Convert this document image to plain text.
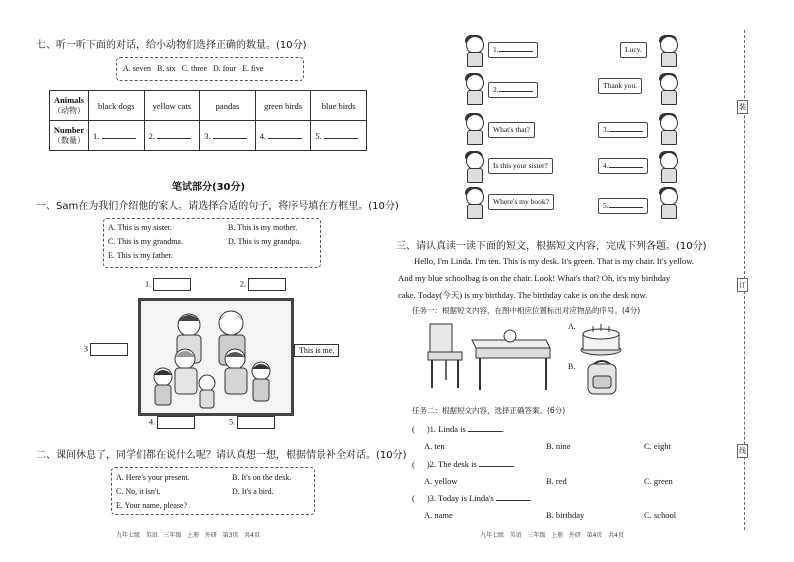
七、听一听下面的对话，给小动物们选择正确的数量。(10分)
A. seven   B. six   C. three   D. four   E. five
Animals
（动物）	black dogs	yellow cats	pandas	green birds	blue birds

Number
（数量）	1.	2.	3.	4.	5.
笔试部分(30分)
一、Sam在为我们介绍他的家人。请选择合适的句子，将序号填在方框里。(10分)
A. This is my sister.	B. This is my mother.
C. This is my grandma.	D. This is my grandpa.
E. This is my father.
1.	2.
3
4.	5.
This is me.
二、课间休息了，同学们都在说什么呢？请认真想一想，根据情景补全对话。(10分)
A. Here's your present.	B. It's on the desk.
C. No, it isn't.	D. It's a bird.
E. Your name, please?
九年七级   英语   三年级   上册   外研   第3页   共4页
1.	Lucy.
2.	Thank you.
What's that?	3.
Is this your sister?	4.
Where's my book?	5.
三、请认真读一读下面的短文，根据短文内容，完成下列各题。(10分)
Hello, I'm Linda. I'm ten. This is my desk. It's green. That is my chair. It's yellow.
And my blue schoolbag is on the chair. Look! What's that? Oh, it's my birthday
cake. Today(今天) is my birthday. The birthday cake is on the desk now.
任务一：根据短文内容，在图中相应位置标出对应物品的序号。(4分)
A.
B.
任务二：根据短文内容，选择正确答案。(6分)
( )1. Linda is	.
A. ten	B. nine	C. eight
( )2. The desk is	.
A. yellow	B. red	C. green
( )3. Today is Linda's	.
A. name	B. birthday	C. school
九年七级   英语   三年级   上册   外研   第4页   共4页
装
订
线
